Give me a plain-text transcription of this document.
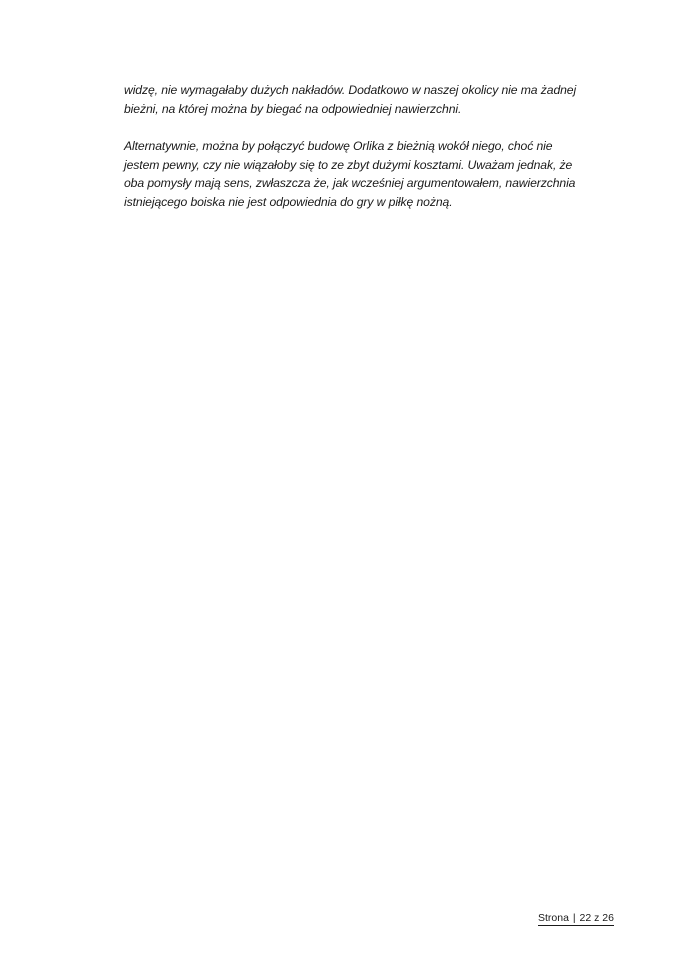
widzę, nie wymagałaby dużych nakładów. Dodatkowo w naszej okolicy nie ma żadnej
bieżni, na której można by biegać na odpowiedniej nawierzchni.

Alternatywnie, można by połączyć budowę Orlika z bieżnią wokół niego, choć nie
jestem pewny, czy nie wiązałoby się to ze zbyt dużymi kosztami. Uważam jednak, że
oba pomysły mają sens, zwłaszcza że, jak wcześniej argumentowałem, nawierzchnia
istniejącego boiska nie jest odpowiednia do gry w piłkę nożną.

Strona | 22 z 26
